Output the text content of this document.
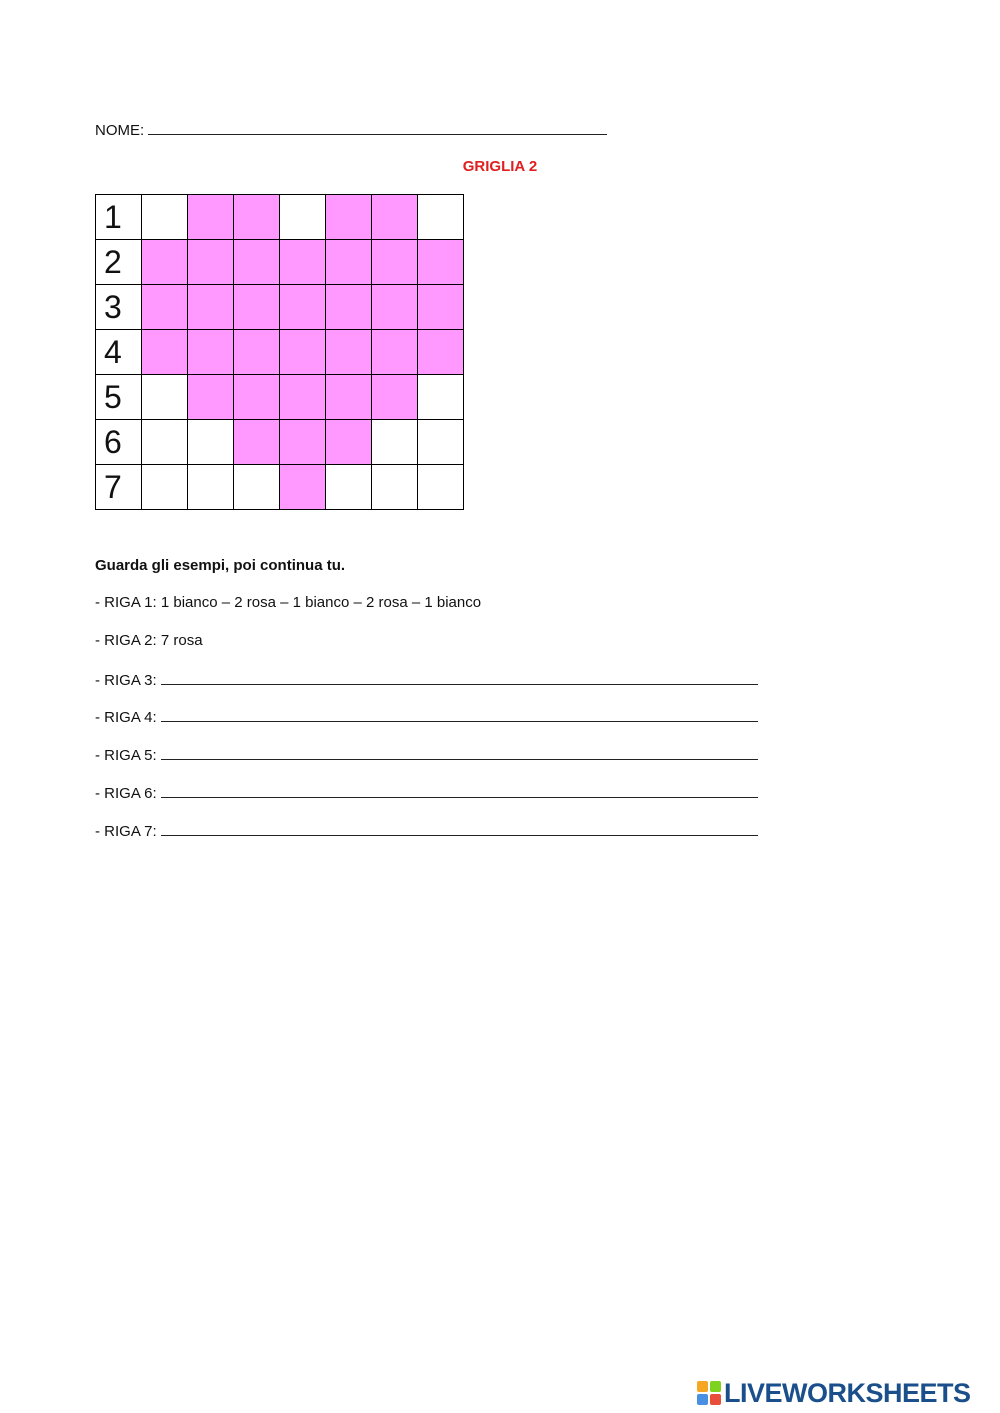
NOME:
GRIGLIA 2
1							
2							
3							
4							
5							
6							
7							
Guarda gli esempi, poi continua tu.
- RIGA 1: 1 bianco – 2 rosa – 1 bianco – 2 rosa – 1 bianco
- RIGA 2: 7 rosa
- RIGA 3:
- RIGA 4:
- RIGA 5:
- RIGA 6:
- RIGA 7:
LIVEWORKSHEETS
